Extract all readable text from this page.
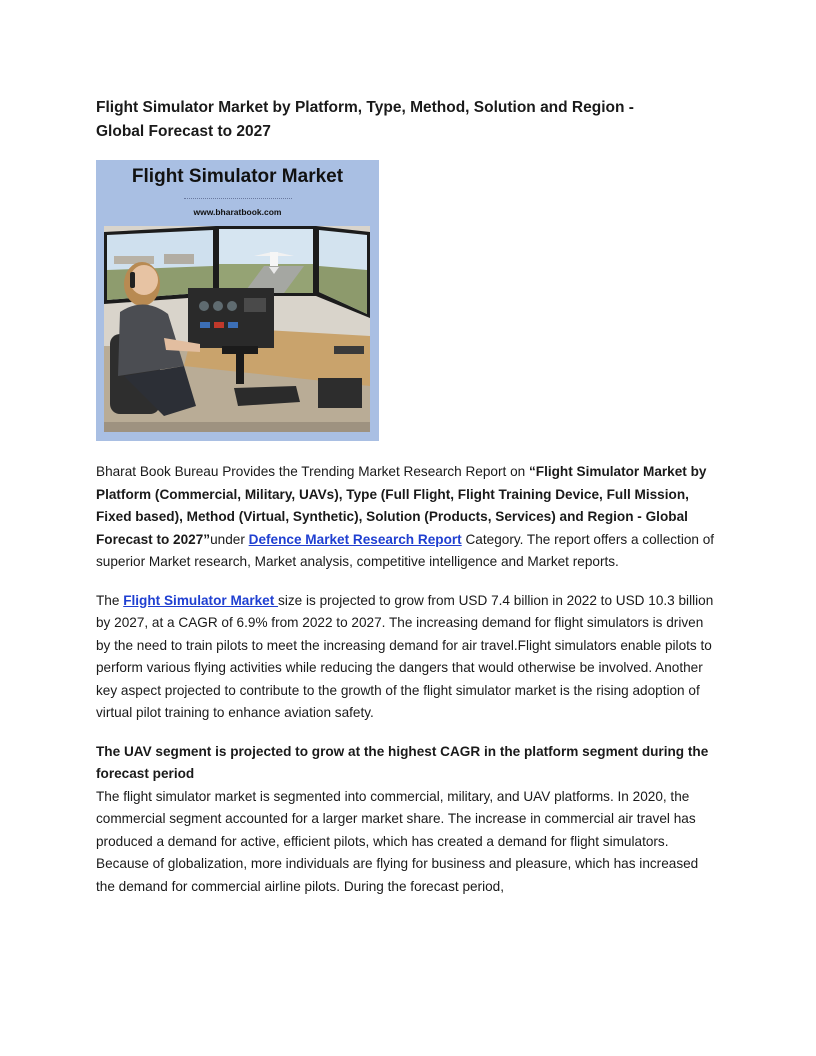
Flight Simulator Market by Platform, Type, Method, Solution and Region -
Global Forecast to 2027
Flight Simulator Market
www.bharatbook.com

Bharat Book Bureau Provides the Trending Market Research Report on “Flight Simulator Market by Platform (Commercial, Military, UAVs), Type (Full Flight, Flight Training Device, Full Mission, Fixed based), Method (Virtual, Synthetic), Solution (Products, Services) and Region - Global Forecast to 2027”under Defence Market Research Report Category. The report offers a collection of superior Market research, Market analysis, competitive intelligence and Market reports.

The Flight Simulator Market size is projected to grow from USD 7.4 billion in 2022 to USD 10.3 billion by 2027, at a CAGR of 6.9% from 2022 to 2027. The increasing demand for flight simulators is driven by the need to train pilots to meet the increasing demand for air travel.Flight simulators enable pilots to perform various flying activities while reducing the dangers that would otherwise be involved. Another key aspect projected to contribute to the growth of the flight simulator market is the rising adoption of virtual pilot training to enhance aviation safety.

The UAV segment is projected to grow at the highest CAGR in the platform segment during the forecast period

The flight simulator market is segmented into commercial, military, and UAV platforms. In 2020, the commercial segment accounted for a larger market share. The increase in commercial air travel has produced a demand for active, efficient pilots, which has created a demand for flight simulators. Because of globalization, more individuals are flying for business and pleasure, which has increased the demand for commercial airline pilots. During the forecast period,
